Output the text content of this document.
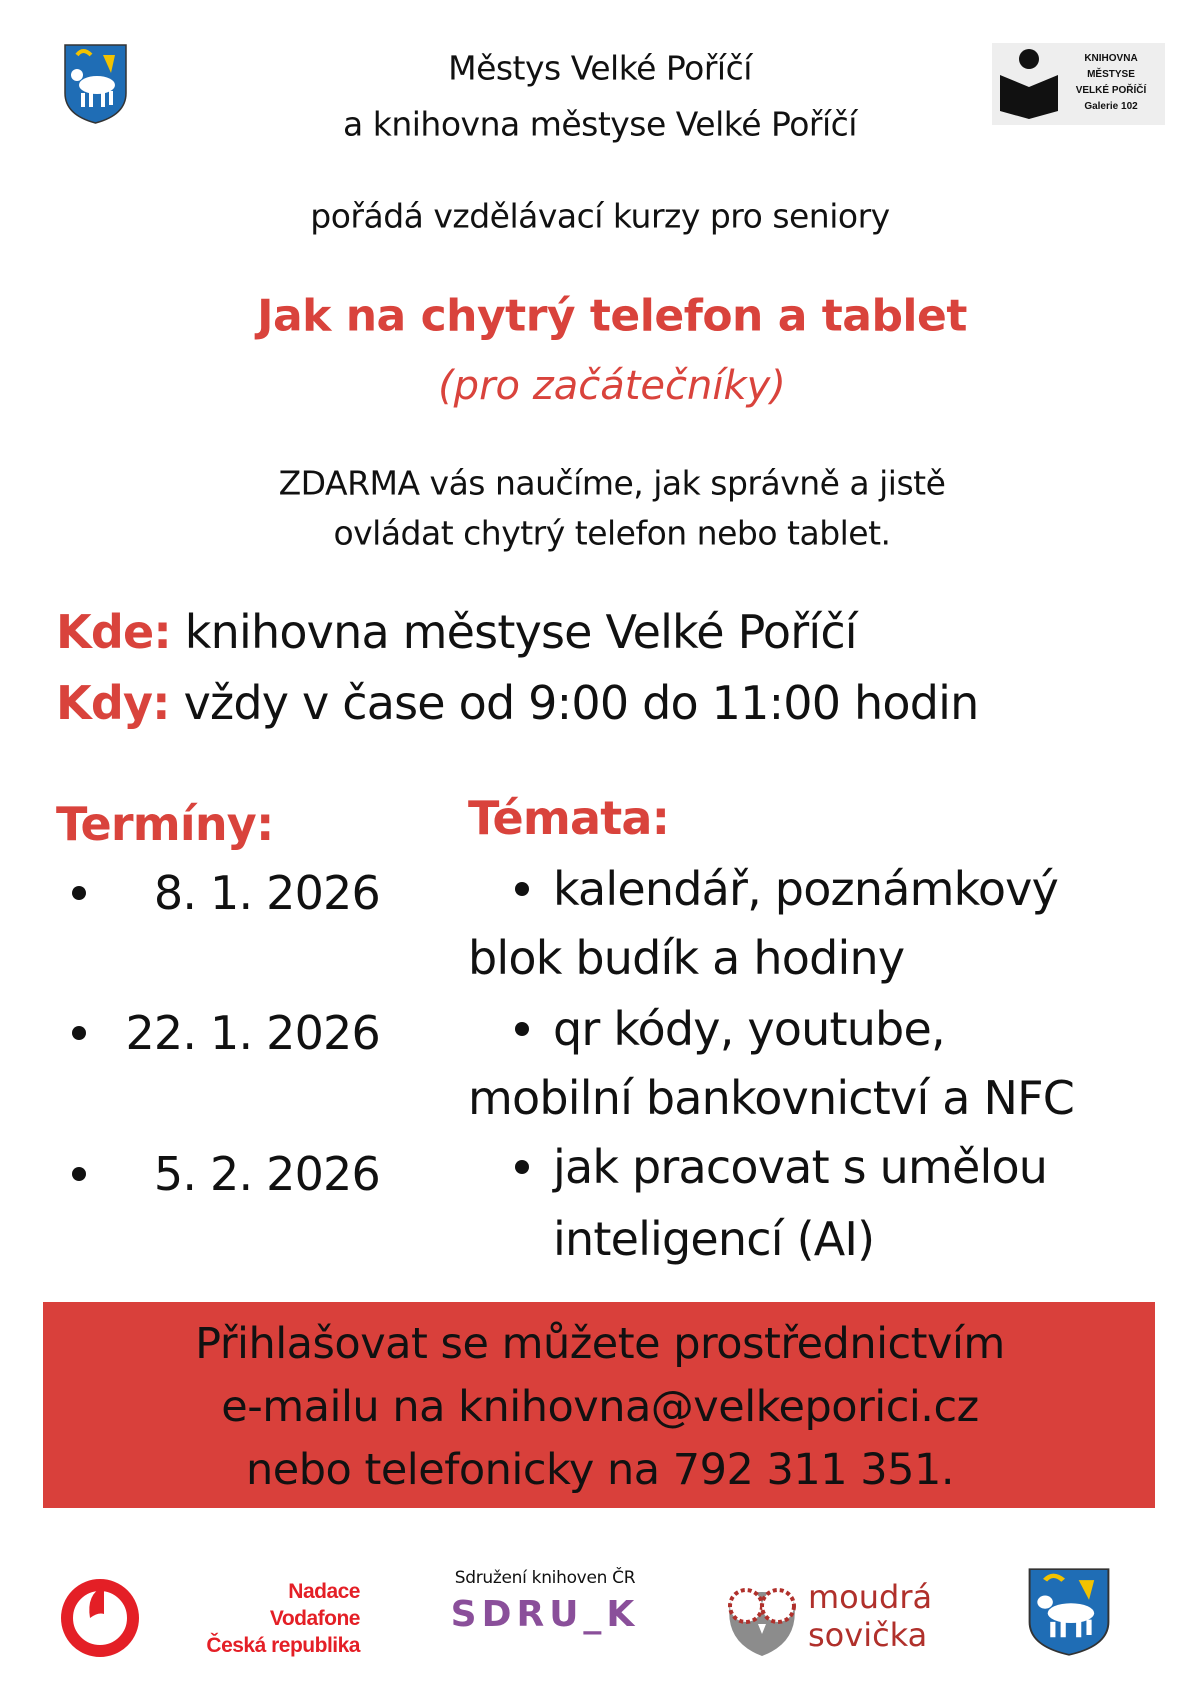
KNIHOVNA
MĚSTYSE
VELKÉ POŘÍČÍ
Galerie 102
Městys Velké Poříčí
a knihovna městyse Velké Poříčí
pořádá vzdělávací kurzy pro seniory
Jak na chytrý telefon a tablet
(pro začátečníky)
ZDARMA vás naučíme, jak správně a jistě
ovládat chytrý telefon nebo tablet.
Kde: knihovna městyse Velké Poříčí
Kdy: vždy v čase od 9:00 do 11:00 hodin
Termíny:
8. 1. 2026
22. 1. 2026
5. 2. 2026
Témata:
kalendář, poznámkový
blok budík a hodiny
qr kódy, youtube,
mobilní bankovnictví a NFC
jak pracovat s umělou
inteligencí (AI)
Přihlašovat se můžete prostřednictvím
e-mailu na knihovna@velkeporici.cz
nebo telefonicky na 792 311 351.
Nadace
Vodafone
Česká republika
Sdružení knihoven ČR
SDRU_K	moudrá
sovička
